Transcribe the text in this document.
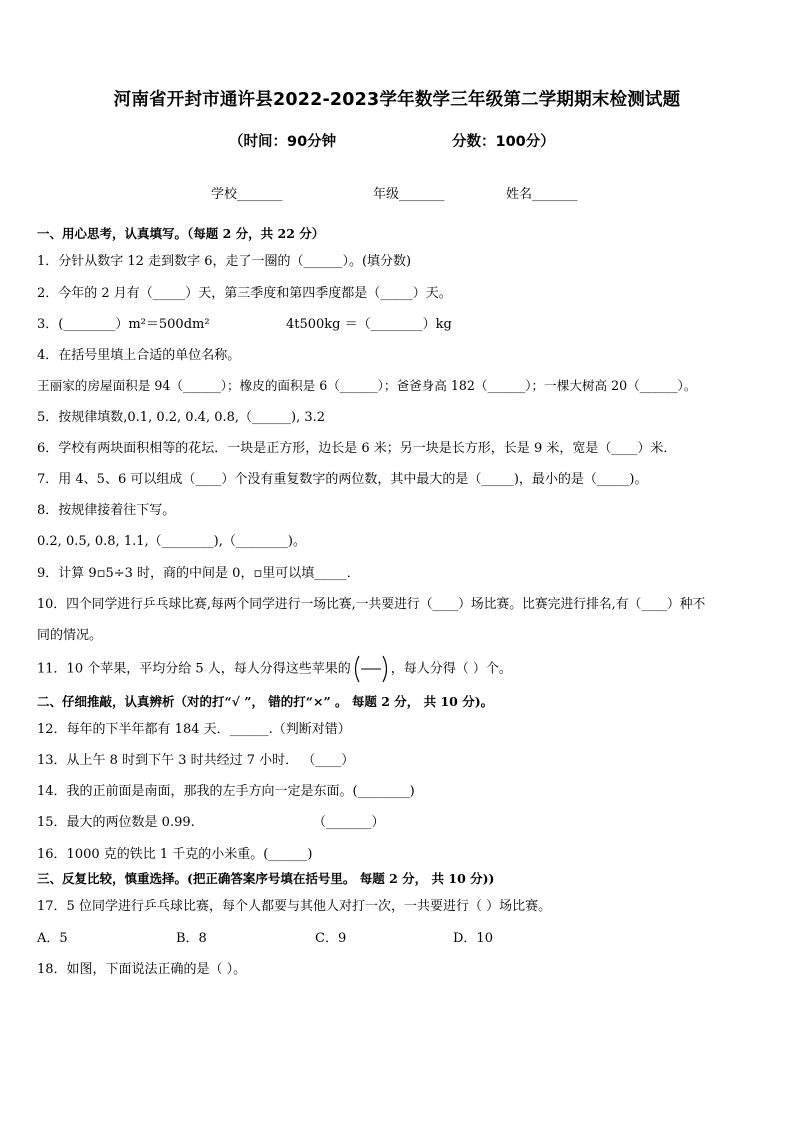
河南省开封市通许县2022-2023学年数学三年级第二学期期末检测试题
（时间：90分钟	分数：100分）
学校_______	年级_______	姓名_______
一、用心思考，认真填写。（每题 2 分，共 22 分）
1．分针从数字 12 走到数字 6，走了一圈的（______）。(填分数)
2．今年的 2 月有（_____）天，第三季度和第四季度都是（_____）天。
3．(________）m²＝500dm²	4t500kg ＝（________）kg
4．在括号里填上合适的单位名称。
王丽家的房屋面积是 94（______）；橡皮的面积是 6（______）；爸爸身高 182（______）；一棵大树高 20（______）。
5．按规律填数,0.1, 0.2, 0.4, 0.8,（______), 3.2
6．学校有两块面积相等的花坛．一块是正方形，边长是 6 米；另一块是长方形，长是 9 米，宽是（____）米．
7．用 4、5、6 可以组成（____）个没有重复数字的两位数，其中最大的是（_____)，最小的是（_____)。
8．按规律接着往下写。
0.2, 0.5, 0.8, 1.1,（________),（________)。
9．计算 9▫5÷3 时，商的中间是 0，▫里可以填_____．
10．四个同学进行乒乓球比赛,每两个同学进行一场比赛,一共要进行（____）场比赛。比赛完进行排名,有（____）种不
同的情况。
11．10 个苹果，平均分给 5 人，每人分得这些苹果的	，每人分得（ ）个。
二、仔细推敲，认真辨析（对的打“√ ”， 错的打“×” 。 每题 2 分， 共 10 分)。
12．每年的下半年都有 184 天．______.（判断对错）
13．从上午 8 时到下午 3 时共经过 7 小时． （____）
14．我的正前面是南面，那我的左手方向一定是东面。(________)
15．最大的两位数是 0.99.	（_______）
16．1000 克的铁比 1 千克的小米重。(______)
三、反复比较，慎重选择。(把正确答案序号填在括号里。 每题 2 分， 共 10 分))
17．5 位同学进行乒乓球比赛，每个人都要与其他人对打一次，一共要进行（ ）场比赛。
A．5	B．8	C．9	D．10
18．如图，下面说法正确的是（ ）。
